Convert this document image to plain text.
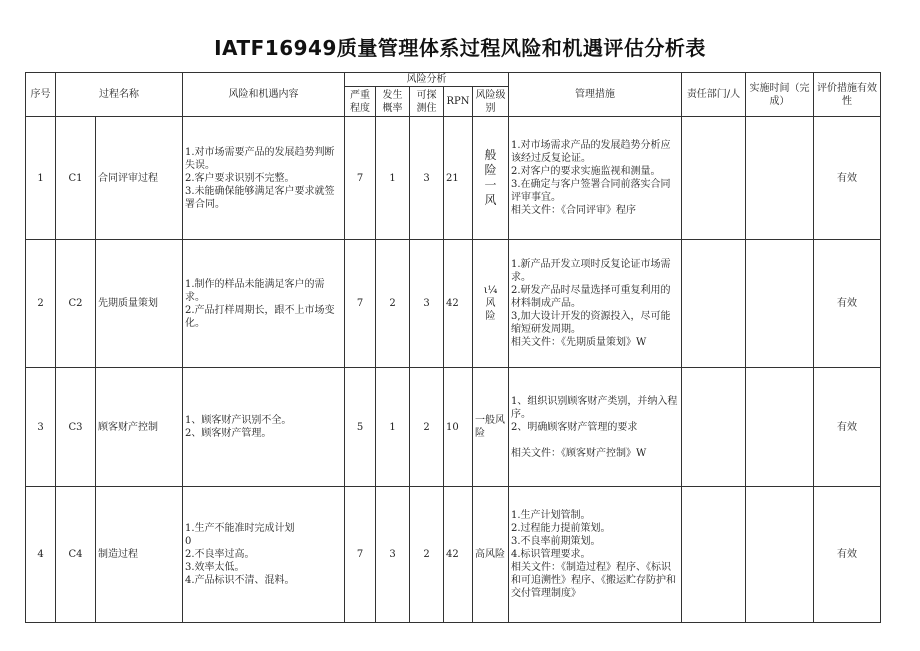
IATF16949质量管理体系过程风险和机遇评估分析表
序号	过程名称		风险和机遇内容	风险分析					管理措施	责任部门/人	实施时间（完成）	评价措施有效性
				严重程度	发生概率	可探测住	RPN	风险级别				
1	C1	合同评审过程	1.对市场需要产品的发展趋势判断失误。
2.客户要求识别不完整。
3.未能确保能够满足客户要求就签署合同。	7	1	3	21	般险一风	1.对市场需求产品的发展趋势分析应该经过反复论证。
2.对客户的要求实施监视和测量。
3.在确定与客户签署合同前落实合同评审事宜。
相关文件：《合同评审》程序			有效
2	C2	先期质量策划	1.制作的样品未能满足客户的需求。
2.产品打样周期长，跟不上市场变化。	7	2	3	42	ι¼风险	1.新产品开发立项时反复论证市场需求。
2.研发产品时尽量选择可重复利用的材料制成产品。
3,加大设计开发的资源投入，尽可能缩短研发周期。
相关文件：《先期质量策划》W			有效
3	C3	顾客财产控制	1、顾客财产识别不全。
2、顾客财产管理。	5	1	2	10	一般风险	1、组织识别顾客财产类别，并纳入程序。
2、明确顾客财产管理的要求
相关文件：《顾客财产控制》W			有效
4	C4	制造过程	1.生产不能准时完成计划
0
2.不良率过高。
3.效率太低。
4.产品标识不清、混料。	7	3	2	42	高风险	1.生产计划管制。
2.过程能力提前策划。
3.不良率前期策划。
4.标识管理要求。
相关文件：《制造过程》程序、《标识和可追溯性》程序、《搬运贮存防护和交付管理制度》			有效
